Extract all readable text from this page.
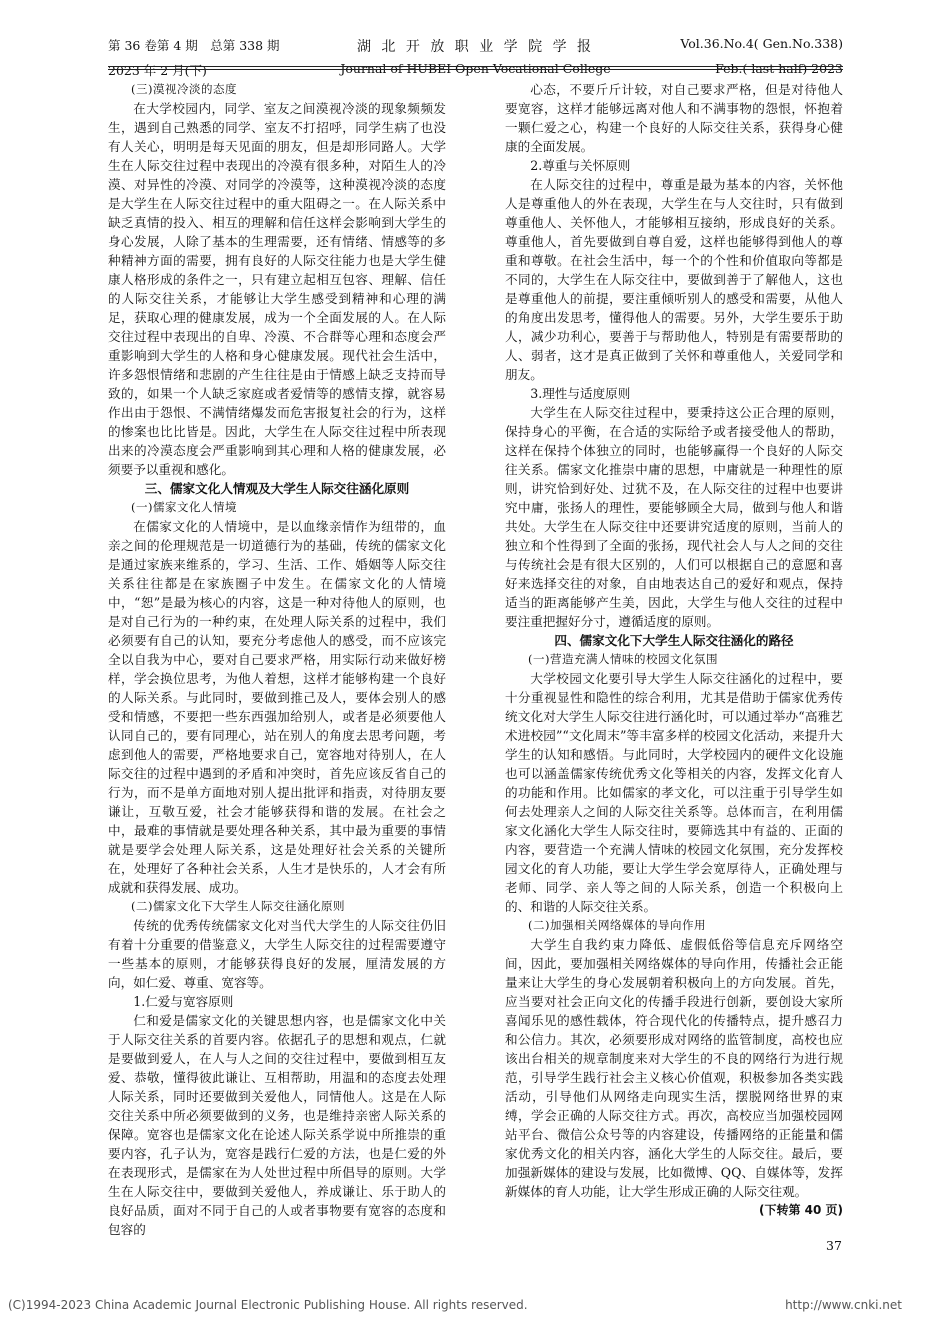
第 36 卷第 4 期　总第 338 期	湖 北 开 放 职 业 学 院 学 报	Vol.36.No.4( Gen.No.338)
2023 年 2 月(下)	Journal of HUBEI Open Vocational College	Feb.( last half) 2023

(三)漠视冷淡的态度

在大学校园内，同学、室友之间漠视冷淡的现象频频发生，遇到自己熟悉的同学、室友不打招呼，同学生病了也没有人关心，明明是每天见面的朋友，但是却形同路人。大学生在人际交往过程中表现出的冷漠有很多种，对陌生人的冷漠、对异性的冷漠、对同学的冷漠等，这种漠视冷淡的态度是大学生在人际交往过程中的重大阻碍之一。在人际关系中缺乏真情的投入、相互的理解和信任这样会影响到大学生的身心发展，人除了基本的生理需要，还有情绪、情感等的多种精神方面的需要，拥有良好的人际交往能力也是大学生健康人格形成的条件之一，只有建立起相互包容、理解、信任的人际交往关系，才能够让大学生感受到精神和心理的满足，获取心理的健康发展，成为一个全面发展的人。在人际交往过程中表现出的自卑、冷漠、不合群等心理和态度会严重影响到大学生的人格和身心健康发展。现代社会生活中，许多怨恨情绪和悲剧的产生往往是由于情感上缺乏支持而导致的，如果一个人缺乏家庭或者爱情等的感情支撑，就容易作出由于怨恨、不满情绪爆发而危害报复社会的行为，这样的惨案也比比皆是。因此，大学生在人际交往过程中所表现出来的冷漠态度会严重影响到其心理和人格的健康发展，必须要予以重视和感化。

三、儒家文化人情观及大学生人际交往涵化原则

(一)儒家文化人情境

在儒家文化的人情境中，是以血缘亲情作为纽带的，血亲之间的伦理规范是一切道德行为的基础，传统的儒家文化是通过家族来维系的，学习、生活、工作、婚姻等人际交往关系往往都是在家族圈子中发生。在儒家文化的人情境中，“恕”是最为核心的内容，这是一种对待他人的原则，也是对自己行为的一种约束，在处理人际关系的过程中，我们必须要有自己的认知，要充分考虑他人的感受，而不应该完全以自我为中心，要对自己要求严格，用实际行动来做好榜样，学会换位思考，为他人着想，这样才能够构建一个良好的人际关系。与此同时，要做到推己及人，要体会别人的感受和情感，不要把一些东西强加给别人，或者是必须要他人认同自己的，要有同理心，站在别人的角度去思考问题，考虑到他人的需要，严格地要求自己，宽容地对待别人，在人际交往的过程中遇到的矛盾和冲突时，首先应该反省自己的行为，而不是单方面地对别人提出批评和指责，对待朋友要谦让，互敬互爱，社会才能够获得和谐的发展。在社会之中，最难的事情就是要处理各种关系，其中最为重要的事情就是要学会处理人际关系，这是处理好社会关系的关键所在，处理好了各种社会关系，人生才是快乐的，人才会有所成就和获得发展、成功。

(二)儒家文化下大学生人际交往涵化原则

传统的优秀传统儒家文化对当代大学生的人际交往仍旧有着十分重要的借鉴意义，大学生人际交往的过程需要遵守一些基本的原则，才能够获得良好的发展，厘清发展的方向，如仁爱、尊重、宽容等。

1.仁爱与宽容原则

仁和爱是儒家文化的关键思想内容，也是儒家文化中关于人际交往关系的首要内容。依据孔子的思想和观点，仁就是要做到爱人，在人与人之间的交往过程中，要做到相互友爱、恭敬，懂得彼此谦让、互相帮助，用温和的态度去处理人际关系，同时还要做到关爱他人，同情他人。这是在人际交往关系中所必须要做到的义务，也是维持亲密人际关系的保障。宽容也是儒家文化在论述人际关系学说中所推崇的重要内容，孔子认为，宽容是践行仁爱的方法，也是仁爱的外在表现形式，是儒家在为人处世过程中所倡导的原则。大学生在人际交往中，要做到关爱他人，养成谦让、乐于助人的良好品质，面对不同于自己的人或者事物要有宽容的态度和包容的

心态，不要斤斤计较，对自己要求严格，但是对待他人要宽容，这样才能够远离对他人和不满事物的怨恨，怀抱着一颗仁爱之心，构建一个良好的人际交往关系，获得身心健康的全面发展。

2.尊重与关怀原则

在人际交往的过程中，尊重是最为基本的内容，关怀他人是尊重他人的外在表现，大学生在与人交往时，只有做到尊重他人、关怀他人，才能够相互接纳，形成良好的关系。尊重他人，首先要做到自尊自爱，这样也能够得到他人的尊重和尊敬。在社会生活中，每一个的个性和价值取向等都是不同的，大学生在人际交往中，要做到善于了解他人，这也是尊重他人的前提，要注重倾听别人的感受和需要，从他人的角度出发思考，懂得他人的需要。另外，大学生要乐于助人，减少功利心，要善于与帮助他人，特别是有需要帮助的人、弱者，这才是真正做到了关怀和尊重他人，关爱同学和朋友。

3.理性与适度原则

大学生在人际交往过程中，要秉持这公正合理的原则，保持身心的平衡，在合适的实际给予或者接受他人的帮助，这样在保持个体独立的同时，也能够赢得一个良好的人际交往关系。儒家文化推崇中庸的思想，中庸就是一种理性的原则，讲究恰到好处、过犹不及，在人际交往的过程中也要讲究中庸，张扬人的理性，要能够顾全大局，做到与他人和谐共处。大学生在人际交往中还要讲究适度的原则，当前人的独立和个性得到了全面的张扬，现代社会人与人之间的交往与传统社会是有很大区别的，人们可以根据自己的意愿和喜好来选择交往的对象，自由地表达自己的爱好和观点，保持适当的距离能够产生美，因此，大学生与他人交往的过程中要注重把握好分寸，遵循适度的原则。

四、儒家文化下大学生人际交往涵化的路径

(一)营造充满人情味的校园文化氛围

大学校园文化要引导大学生人际交往涵化的过程中，要十分重视显性和隐性的综合利用，尤其是借助于儒家优秀传统文化对大学生人际交往进行涵化时，可以通过举办“高雅艺术进校园”“文化周末”等丰富多样的校园文化活动，来提升大学生的认知和感悟。与此同时，大学校园内的硬件文化设施也可以涵盖儒家传统优秀文化等相关的内容，发挥文化育人的功能和作用。比如儒家的孝文化，可以注重于引导学生如何去处理亲人之间的人际交往关系等。总体而言，在利用儒家文化涵化大学生人际交往时，要筛选其中有益的、正面的内容，要营造一个充满人情味的校园文化氛围，充分发挥校园文化的育人功能，要让大学生学会宽厚待人，正确处理与老师、同学、亲人等之间的人际关系，创造一个积极向上的、和谐的人际交往关系。

(二)加强相关网络媒体的导向作用

大学生自我约束力降低、虚假低俗等信息充斥网络空间，因此，要加强相关网络媒体的导向作用，传播社会正能量来让大学生的身心发展朝着积极向上的方向发展。首先，应当要对社会正向文化的传播手段进行创新，要创设大家所喜闻乐见的感性载体，符合现代化的传播特点，提升感召力和公信力。其次，必须要形成对网络的监管制度，高校也应该出台相关的规章制度来对大学生的不良的网络行为进行规范，引导学生践行社会主义核心价值观，积极参加各类实践活动，引导他们从网络走向现实生活，摆脱网络世界的束缚，学会正确的人际交往方式。再次，高校应当加强校园网站平台、微信公众号等的内容建设，传播网络的正能量和儒家优秀文化的相关内容，涵化大学生的人际交往。最后，要加强新媒体的建设与发展，比如微博、QQ、自媒体等，发挥新媒体的育人功能，让大学生形成正确的人际交往观。

(下转第 40 页)

37
(C)1994-2023 China Academic Journal Electronic Publishing House. All rights reserved.	http://www.cnki.net
